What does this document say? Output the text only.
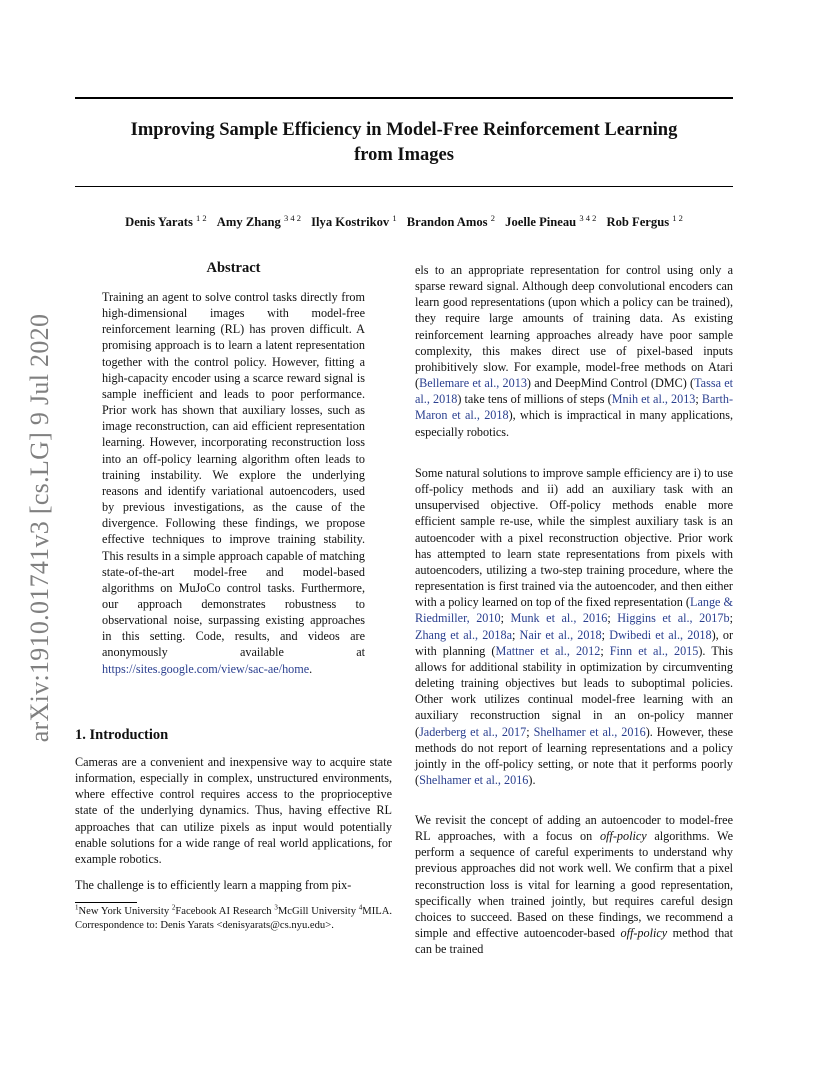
Improving Sample Efficiency in Model-Free Reinforcement Learning
from Images
Denis Yarats $^{1 2}$ Amy Zhang $^{3 4 2}$ Ilya Kostrikov $^1$ Brandon Amos $^2$ Joelle Pineau $^{3 4 2}$ Rob Fergus $^{1 2}$
arXiv:1910.01741v3 [cs.LG] 9 Jul 2020
Abstract
Training an agent to solve control tasks directly from high-dimensional images with model-free reinforcement learning (RL) has proven difficult. A promising approach is to learn a latent representation together with the control policy. However, fitting a high-capacity encoder using a scarce reward signal is sample inefficient and leads to poor performance. Prior work has shown that auxiliary losses, such as image reconstruction, can aid efficient representation learning. However, incorporating reconstruction loss into an off-policy learning algorithm often leads to training instability. We explore the underlying reasons and identify variational autoencoders, used by previous investigations, as the cause of the divergence. Following these findings, we propose effective techniques to improve training stability. This results in a simple approach capable of matching state-of-the-art model-free and model-based algorithms on MuJoCo control tasks. Furthermore, our approach demonstrates robustness to observational noise, surpassing existing approaches in this setting. Code, results, and videos are anonymously available at https://sites.google.com/view/sac-ae/home.
1. Introduction
Cameras are a convenient and inexpensive way to acquire state information, especially in complex, unstructured environments, where effective control requires access to the proprioceptive state of the underlying dynamics. Thus, having effective RL approaches that can utilize pixels as input would potentially enable solutions for a wide range of real world applications, for example robotics.
The challenge is to efficiently learn a mapping from pix-
$^1$New York University $^2$Facebook AI Research $^3$McGill University $^4$MILA. Correspondence to: Denis Yarats <denisyarats@cs.nyu.edu>.
els to an appropriate representation for control using only a sparse reward signal. Although deep convolutional encoders can learn good representations (upon which a policy can be trained), they require large amounts of training data. As existing reinforcement learning approaches already have poor sample complexity, this makes direct use of pixel-based inputs prohibitively slow. For example, model-free methods on Atari (Bellemare et al., 2013) and DeepMind Control (DMC) (Tassa et al., 2018) take tens of millions of steps (Mnih et al., 2013; Barth-Maron et al., 2018), which is impractical in many applications, especially robotics.
Some natural solutions to improve sample efficiency are i) to use off-policy methods and ii) add an auxiliary task with an unsupervised objective. Off-policy methods enable more efficient sample re-use, while the simplest auxiliary task is an autoencoder with a pixel reconstruction objective. Prior work has attempted to learn state representations from pixels with autoencoders, utilizing a two-step training procedure, where the representation is first trained via the autoencoder, and then either with a policy learned on top of the fixed representation (Lange & Riedmiller, 2010; Munk et al., 2016; Higgins et al., 2017b; Zhang et al., 2018a; Nair et al., 2018; Dwibedi et al., 2018), or with planning (Mattner et al., 2012; Finn et al., 2015). This allows for additional stability in optimization by circumventing deleting training objectives but leads to suboptimal policies. Other work utilizes continual model-free learning with an auxiliary reconstruction signal in an on-policy manner (Jaderberg et al., 2017; Shelhamer et al., 2016). However, these methods do not report of learning representations and a policy jointly in the off-policy setting, or note that it performs poorly (Shelhamer et al., 2016).
We revisit the concept of adding an autoencoder to model-free RL approaches, with a focus on off-policy algorithms. We perform a sequence of careful experiments to understand why previous approaches did not work well. We confirm that a pixel reconstruction loss is vital for learning a good representation, specifically when trained jointly, but requires careful design choices to succeed. Based on these findings, we recommend a simple and effective autoencoder-based off-policy method that can be trained
